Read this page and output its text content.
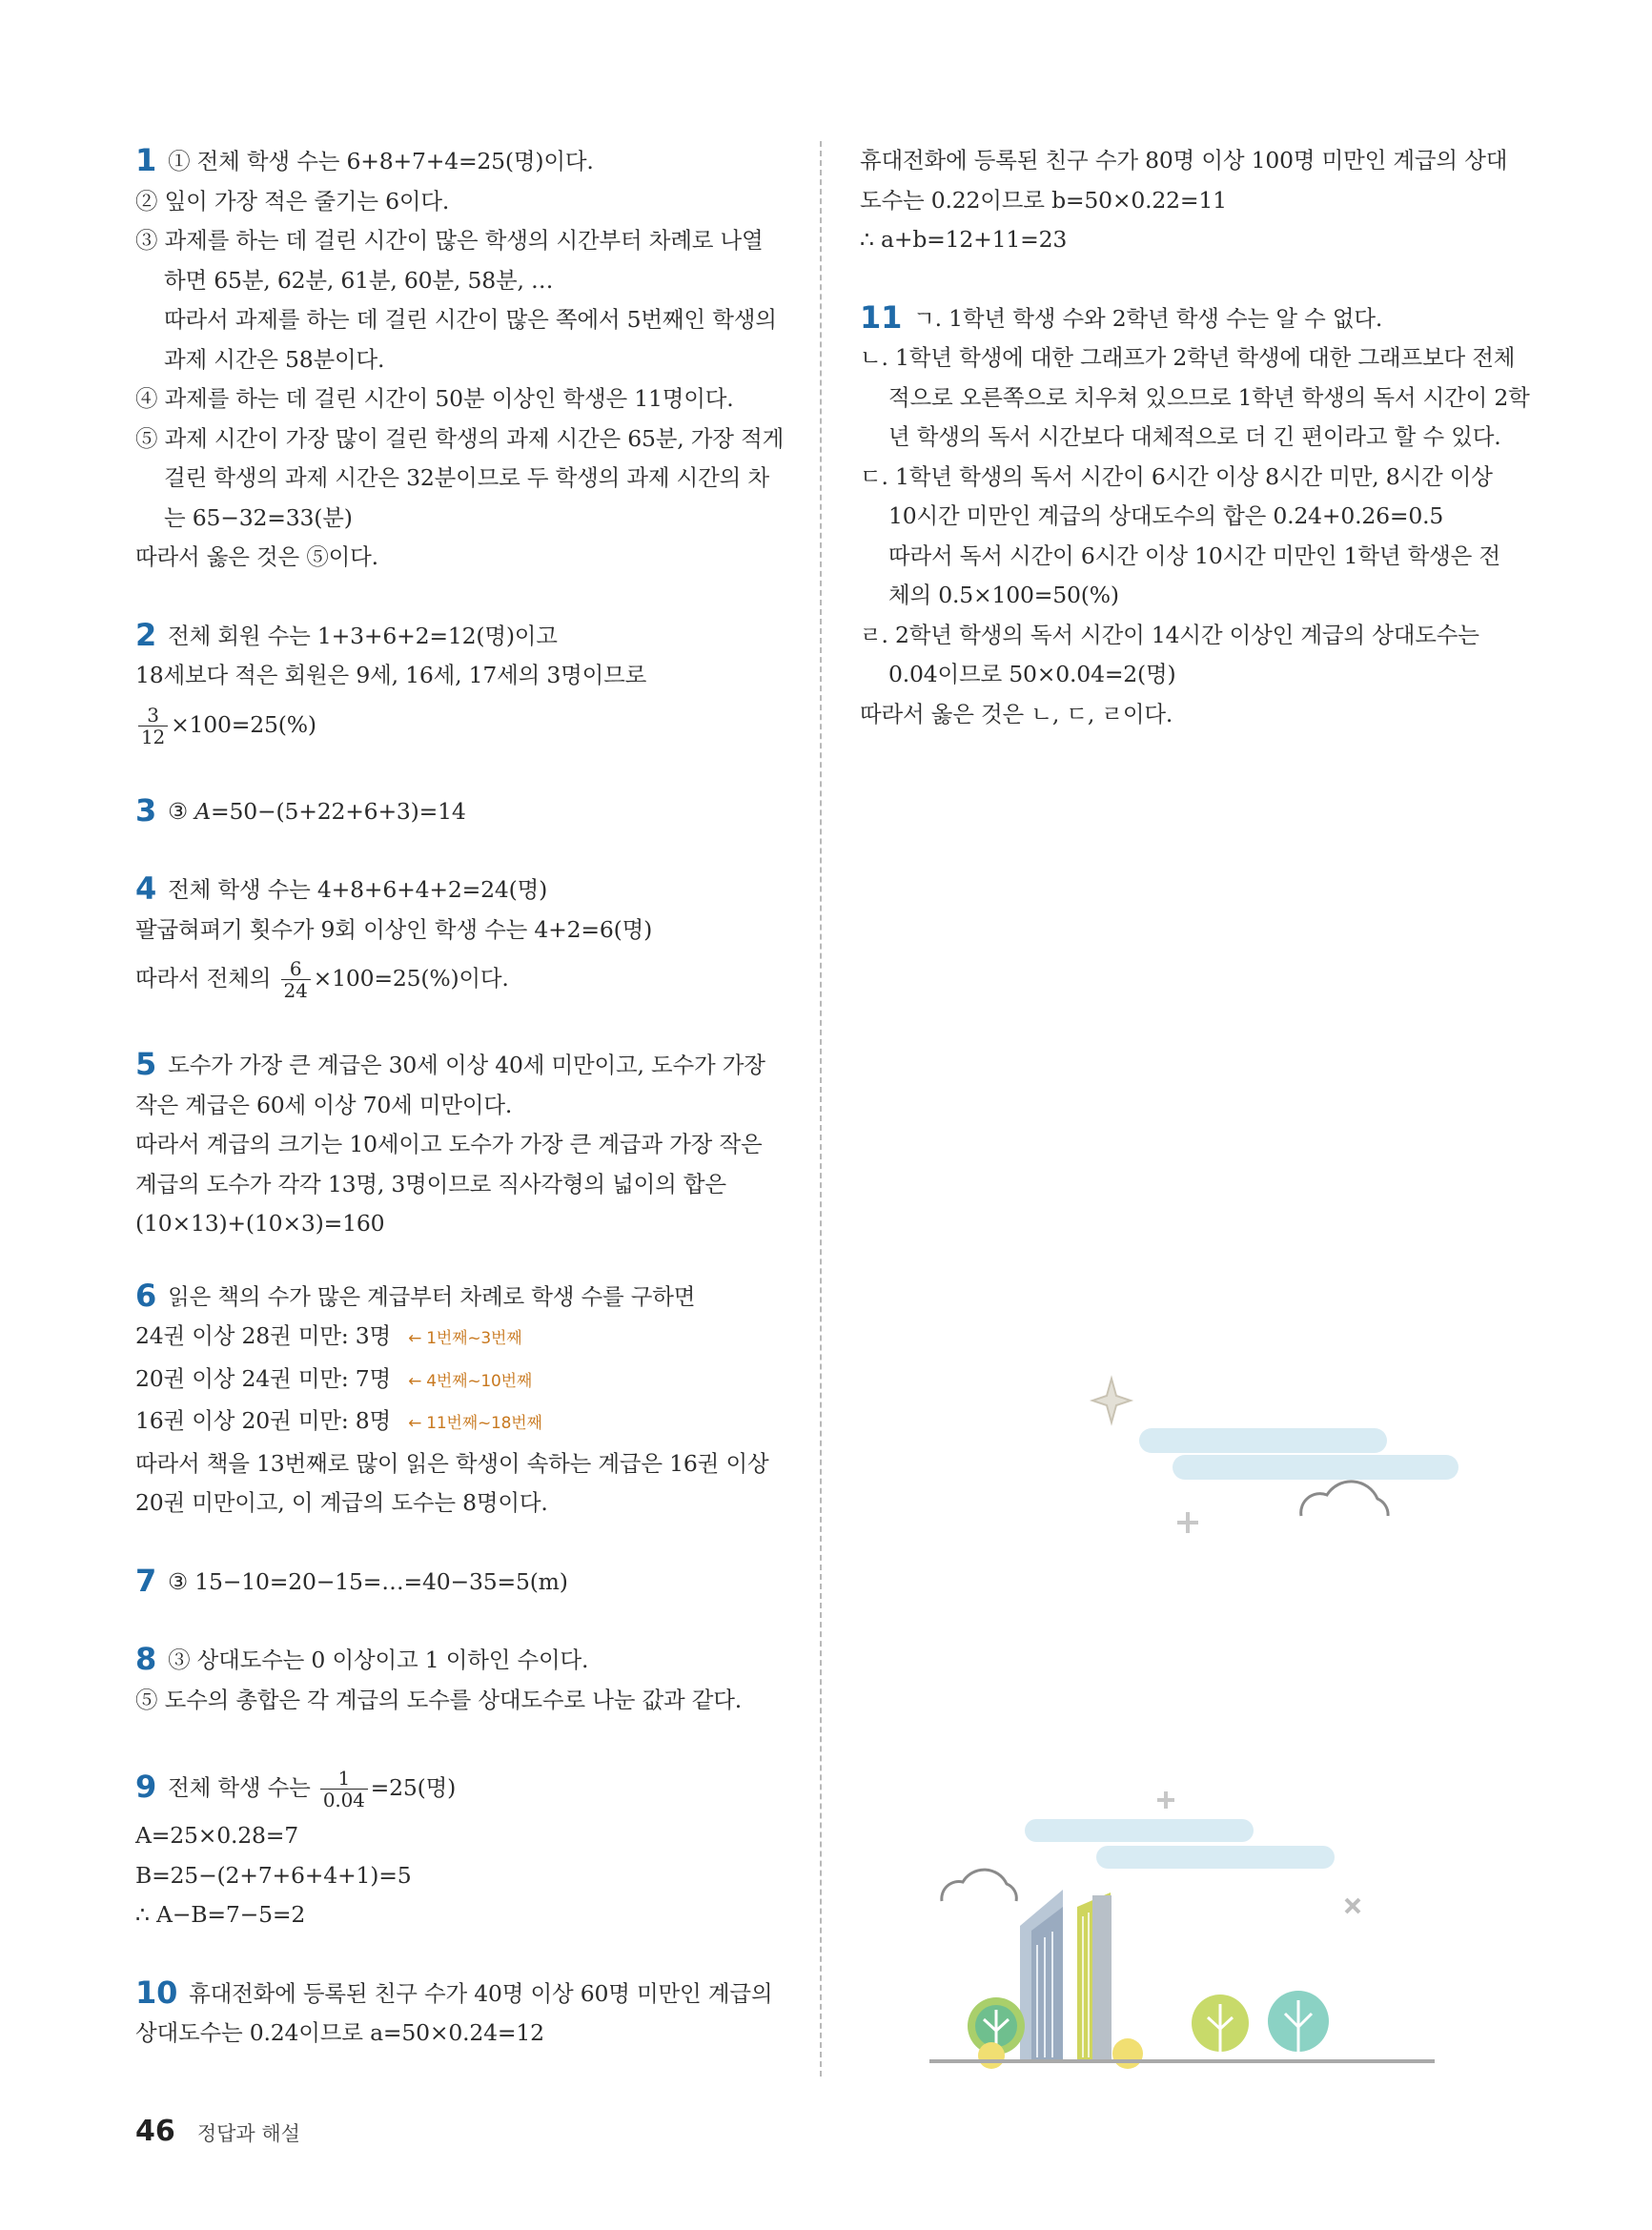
1 ① 전체 학생 수는 6+8+7+4=25(명)이다.
② 잎이 가장 적은 줄기는 6이다.
③ 과제를 하는 데 걸린 시간이 많은 학생의 시간부터 차례로 나열
하면 65분, 62분, 61분, 60분, 58분, …
따라서 과제를 하는 데 걸린 시간이 많은 쪽에서 5번째인 학생의
과제 시간은 58분이다.
④ 과제를 하는 데 걸린 시간이 50분 이상인 학생은 11명이다.
⑤ 과제 시간이 가장 많이 걸린 학생의 과제 시간은 65분, 가장 적게
걸린 학생의 과제 시간은 32분이므로 두 학생의 과제 시간의 차
는 65−32=33(분)
따라서 옳은 것은 ⑤이다.
2 전체 회원 수는 1+3+6+2=12(명)이고
18세보다 적은 회원은 9세, 16세, 17세의 3명이므로
$\frac{3}{12} \times 100=25(\%)$
3 ③ A=50−(5+22+6+3)=14
4 전체 학생 수는 4+8+6+4+2=24(명)
팔굽혀펴기 횟수가 9회 이상인 학생 수는 4+2=6(명)
따라서 전체의 $\frac{6}{24} \times 100=25(\%)$이다.
5 도수가 가장 큰 계급은 30세 이상 40세 미만이고, 도수가 가장
작은 계급은 60세 이상 70세 미만이다.
따라서 계급의 크기는 10세이고 도수가 가장 큰 계급과 가장 작은
계급의 도수가 각각 13명, 3명이므로 직사각형의 넓이의 합은
(10×13)+(10×3)=160
6 읽은 책의 수가 많은 계급부터 차례로 학생 수를 구하면
24권 이상 28권 미만: 3명 ← 1번째~3번째
20권 이상 24권 미만: 7명 ← 4번째~10번째
16권 이상 20권 미만: 8명 ← 11번째~18번째
따라서 책을 13번째로 많이 읽은 학생이 속하는 계급은 16권 이상
20권 미만이고, 이 계급의 도수는 8명이다.
7 ③ 15−10=20−15=…=40−35=5(m)
8 ③ 상대도수는 0 이상이고 1 이하인 수이다.
⑤ 도수의 총합은 각 계급의 도수를 상대도수로 나눈 값과 같다.
9 전체 학생 수는 $\frac{1}{0.04} =25$(명)
A=25×0.28=7
B=25−(2+7+6+4+1)=5
∴ A−B=7−5=2
10 휴대전화에 등록된 친구 수가 40명 이상 60명 미만인 계급의
상대도수는 0.24이므로 a=50×0.24=12
휴대전화에 등록된 친구 수가 80명 이상 100명 미만인 계급의 상대
도수는 0.22이므로 b=50×0.22=11
∴ a+b=12+11=23
11 ㄱ. 1학년 학생 수와 2학년 학생 수는 알 수 없다.
ㄴ. 1학년 학생에 대한 그래프가 2학년 학생에 대한 그래프보다 전체
적으로 오른쪽으로 치우쳐 있으므로 1학년 학생의 독서 시간이 2학
년 학생의 독서 시간보다 대체적으로 더 긴 편이라고 할 수 있다.
ㄷ. 1학년 학생의 독서 시간이 6시간 이상 8시간 미만, 8시간 이상
10시간 미만인 계급의 상대도수의 합은 0.24+0.26=0.5
따라서 독서 시간이 6시간 이상 10시간 미만인 1학년 학생은 전
체의 0.5×100=50(%)
ㄹ. 2학년 학생의 독서 시간이 14시간 이상인 계급의 상대도수는
0.04이므로 50×0.04=2(명)
따라서 옳은 것은 ㄴ, ㄷ, ㄹ이다.
46 정답과 해설
